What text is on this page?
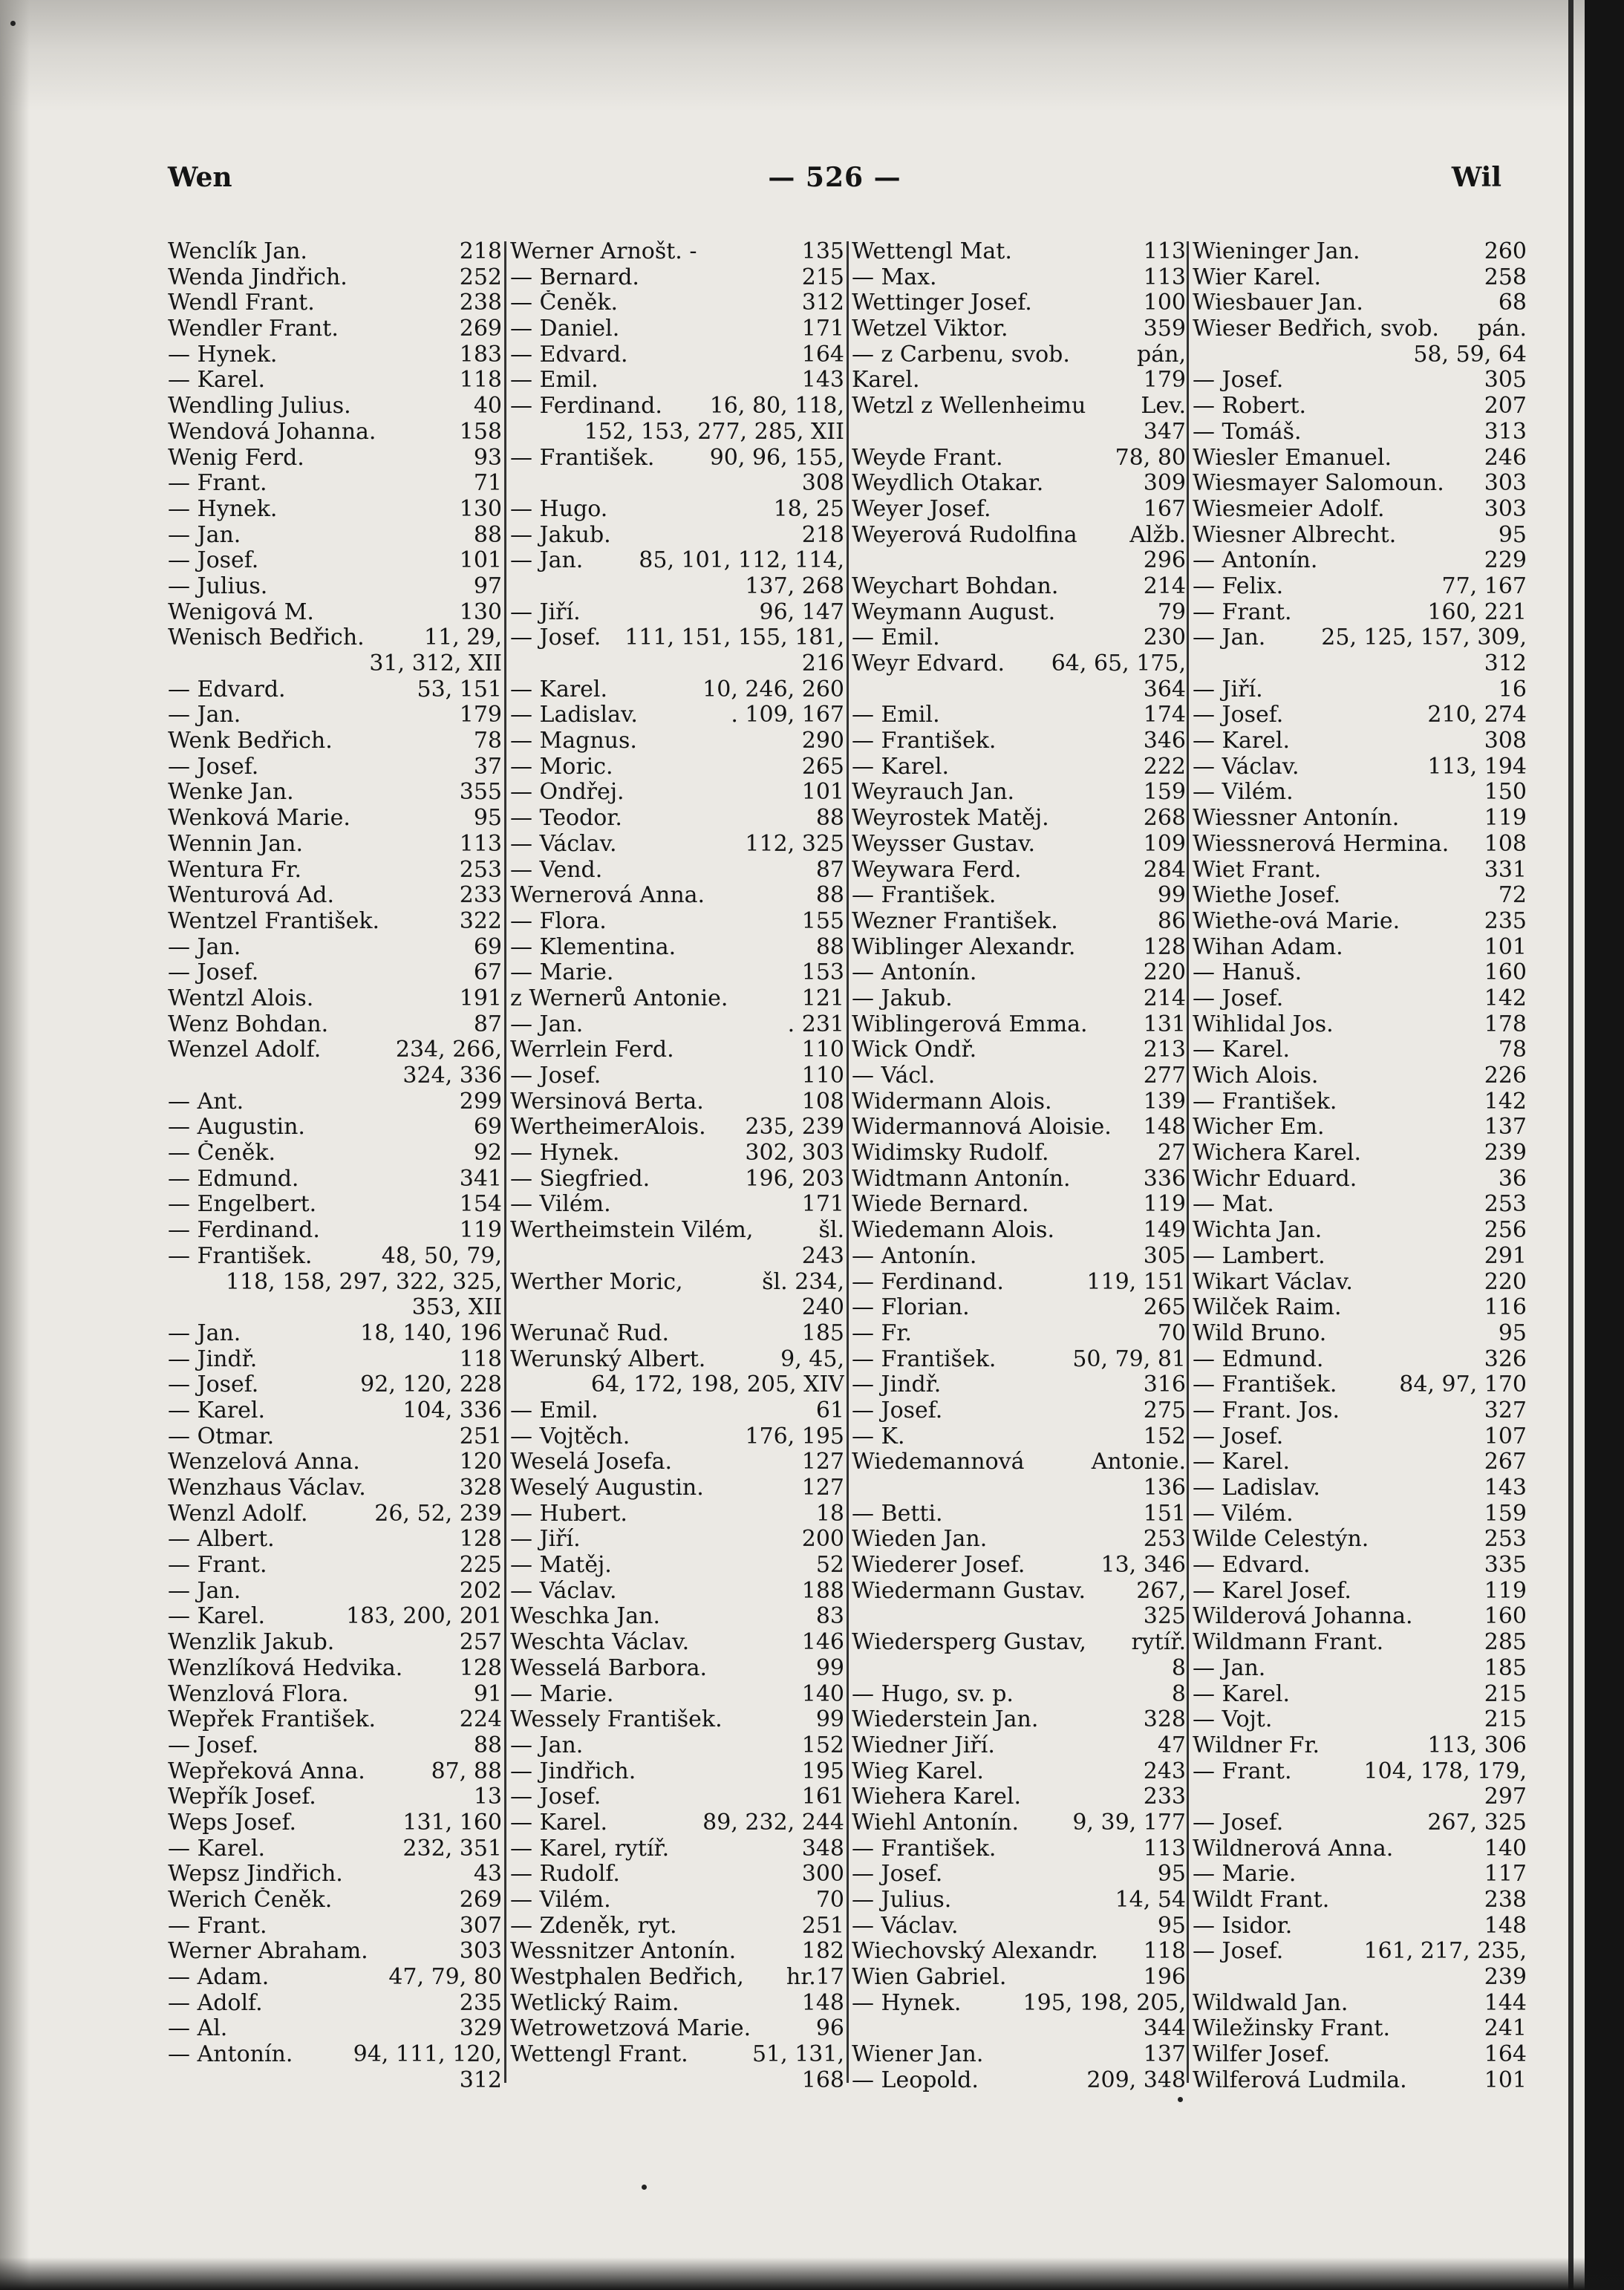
Wen	— 526 —	Wil
218
Wenclík Jan.
252
Wenda Jindřich.
238
Wendl Frant.
269
Wendler Frant.
183
— Hynek.
118
— Karel.
40
Wendling Julius.
158
Wendová Johanna.
93
Wenig Ferd.
71
— Frant.
130
— Hynek.
88
— Jan.
101
— Josef.
97
— Julius.
130
Wenigová M.
11, 29,
Wenisch Bedřich.
31, 312, XII
53, 151
— Edvard.
179
— Jan.
78
Wenk Bedřich.
37
— Josef.
355
Wenke Jan.
95
Wenková Marie.
113
Wennin Jan.
253
Wentura Fr.
233
Wenturová Ad.
322
Wentzel František.
69
— Jan.
67
— Josef.
191
Wentzl Alois.
87
Wenz Bohdan.
234, 266,
Wenzel Adolf.
324, 336
299
— Ant.
69
— Augustin.
92
— Čeněk.
341
— Edmund.
154
— Engelbert.
119
— Ferdinand.
48, 50, 79,
— František.
118, 158, 297, 322, 325,
353, XII
18, 140, 196
— Jan.
118
— Jindř.
92, 120, 228
— Josef.
104, 336
— Karel.
251
— Otmar.
120
Wenzelová Anna.
328
Wenzhaus Václav.
26, 52, 239
Wenzl Adolf.
128
— Albert.
225
— Frant.
202
— Jan.
183, 200, 201
— Karel.
257
Wenzlik Jakub.
128
Wenzlíková Hedvika.
91
Wenzlová Flora.
224
Wepřek František.
88
— Josef.
87, 88
Wepřeková Anna.
13
Wepřík Josef.
131, 160
Weps Josef.
232, 351
— Karel.
43
Wepsz Jindřich.
269
Werich Čeněk.
307
— Frant.
303
Werner Abraham.
47, 79, 80
— Adam.
235
— Adolf.
329
— Al.
94, 111, 120,
— Antonín.
312
135
Werner Arnošt. -
215
— Bernard.
312
— Čeněk.
171
— Daniel.
164
— Edvard.
143
— Emil.
16, 80, 118,
— Ferdinand.
152, 153, 277, 285, XII
90, 96, 155,
— František.
308
18, 25
— Hugo.
218
— Jakub.
85, 101, 112, 114,
— Jan.
137, 268
96, 147
— Jiří.
111, 151, 155, 181,
— Josef.
216
10, 246, 260
— Karel.
. 109, 167
— Ladislav.
290
— Magnus.
265
— Moric.
101
— Ondřej.
88
— Teodor.
112, 325
— Václav.
87
— Vend.
88
Wernerová Anna.
155
— Flora.
88
— Klementina.
153
— Marie.
121
z Wernerů Antonie.
. 231
— Jan.
110
Werrlein Ferd.
110
— Josef.
108
Wersinová Berta.
235, 239
WertheimerAlois.
302, 303
— Hynek.
196, 203
— Siegfried.
171
— Vilém.
šl.
Wertheimstein Vilém,
243
šl. 234,
Werther Moric,
240
185
Werunač Rud.
9, 45,
Werunský Albert.
64, 172, 198, 205, XIV
61
— Emil.
176, 195
— Vojtěch.
127
Weselá Josefa.
127
Weselý Augustin.
18
— Hubert.
200
— Jiří.
52
— Matěj.
188
— Václav.
83
Weschka Jan.
146
Weschta Václav.
99
Wesselá Barbora.
140
— Marie.
99
Wessely František.
152
— Jan.
195
— Jindřich.
161
— Josef.
89, 232, 244
— Karel.
348
— Karel, rytíř.
300
— Rudolf.
70
— Vilém.
251
— Zdeněk, ryt.
182
Wessnitzer Antonín.
hr.17
Westphalen Bedřich,
148
Wetlický Raim.
96
Wetrowetzová Marie.
51, 131,
Wettengl Frant.
168
113
Wettengl Mat.
113
— Max.
100
Wettinger Josef.
359
Wetzel Viktor.
pán,
— z Carbenu, svob.
179
Karel.
Lev.
Wetzl z Wellenheimu
347
78, 80
Weyde Frant.
309
Weydlich Otakar.
167
Weyer Josef.
Alžb.
Weyerová Rudolfina
296
214
Weychart Bohdan.
79
Weymann August.
230
— Emil.
64, 65, 175,
Weyr Edvard.
364
174
— Emil.
346
— František.
222
— Karel.
159
Weyrauch Jan.
268
Weyrostek Matěj.
109
Weysser Gustav.
284
Weywara Ferd.
99
— František.
86
Wezner František.
128
Wiblinger Alexandr.
220
— Antonín.
214
— Jakub.
131
Wiblingerová Emma.
213
Wick Ondř.
277
— Václ.
139
Widermann Alois.
148
Widermannová Aloisie.
27
Widimsky Rudolf.
336
Widtmann Antonín.
119
Wiede Bernard.
149
Wiedemann Alois.
305
— Antonín.
119, 151
— Ferdinand.
265
— Florian.
70
— Fr.
50, 79, 81
— František.
316
— Jindř.
275
— Josef.
152
— K.
Antonie.
Wiedemannová
136
151
— Betti.
253
Wieden Jan.
13, 346
Wiederer Josef.
267,
Wiedermann Gustav.
325
rytíř.
Wiedersperg Gustav,
8
8
— Hugo, sv. p.
328
Wiederstein Jan.
47
Wiedner Jiří.
243
Wieg Karel.
233
Wiehera Karel.
9, 39, 177
Wiehl Antonín.
113
— František.
95
— Josef.
14, 54
— Julius.
95
— Václav.
118
Wiechovský Alexandr.
196
Wien Gabriel.
195, 198, 205,
— Hynek.
344
137
Wiener Jan.
209, 348
— Leopold.
260
Wieninger Jan.
258
Wier Karel.
68
Wiesbauer Jan.
pán.
Wieser Bedřich, svob.
58, 59, 64
305
— Josef.
207
— Robert.
313
— Tomáš.
246
Wiesler Emanuel.
303
Wiesmayer Salomoun.
303
Wiesmeier Adolf.
95
Wiesner Albrecht.
229
— Antonín.
77, 167
— Felix.
160, 221
— Frant.
25, 125, 157, 309,
— Jan.
312
16
— Jiří.
210, 274
— Josef.
308
— Karel.
113, 194
— Václav.
150
— Vilém.
119
Wiessner Antonín.
108
Wiessnerová Hermina.
331
Wiet Frant.
72
Wiethe Josef.
235
Wiethe-ová Marie.
101
Wihan Adam.
160
— Hanuš.
142
— Josef.
178
Wihlidal Jos.
78
— Karel.
226
Wich Alois.
142
— František.
137
Wicher Em.
239
Wichera Karel.
36
Wichr Eduard.
253
— Mat.
256
Wichta Jan.
291
— Lambert.
220
Wikart Václav.
116
Wilček Raim.
95
Wild Bruno.
326
— Edmund.
84, 97, 170
— František.
327
— Frant. Jos.
107
— Josef.
267
— Karel.
143
— Ladislav.
159
— Vilém.
253
Wilde Celestýn.
335
— Edvard.
119
— Karel Josef.
160
Wilderová Johanna.
285
Wildmann Frant.
185
— Jan.
215
— Karel.
215
— Vojt.
113, 306
Wildner Fr.
104, 178, 179,
— Frant.
297
267, 325
— Josef.
140
Wildnerová Anna.
117
— Marie.
238
Wildt Frant.
148
— Isidor.
161, 217, 235,
— Josef.
239
144
Wildwald Jan.
241
Wiležinsky Frant.
164
Wilfer Josef.
101
Wilferová Ludmila.
